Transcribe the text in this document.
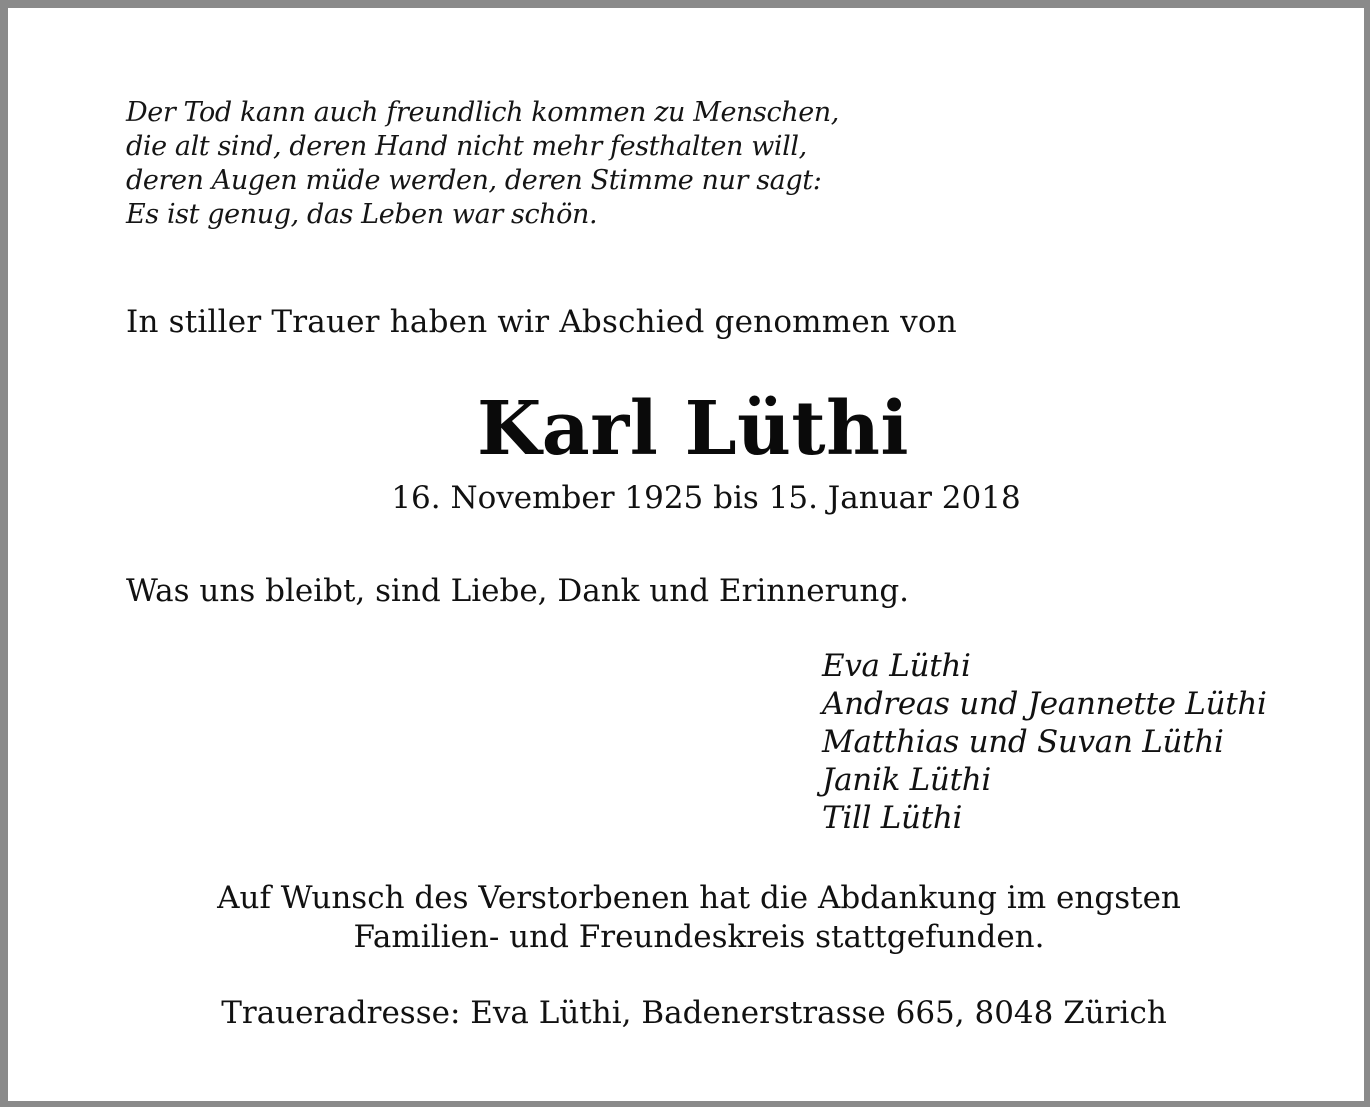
Der Tod kann auch freundlich kommen zu Menschen,
die alt sind, deren Hand nicht mehr festhalten will,
deren Augen müde werden, deren Stimme nur sagt:
Es ist genug, das Leben war schön.
In stiller Trauer haben wir Abschied genommen von
Karl Lüthi
16. November 1925 bis 15. Januar 2018
Was uns bleibt, sind Liebe, Dank und Erinnerung.
Eva Lüthi
Andreas und Jeannette Lüthi
Matthias und Suvan Lüthi
Janik Lüthi
Till Lüthi
Auf Wunsch des Verstorbenen hat die Abdankung im engsten
Familien- und Freundeskreis stattgefunden.
Traueradresse: Eva Lüthi, Badenerstrasse 665, 8048 Zürich
